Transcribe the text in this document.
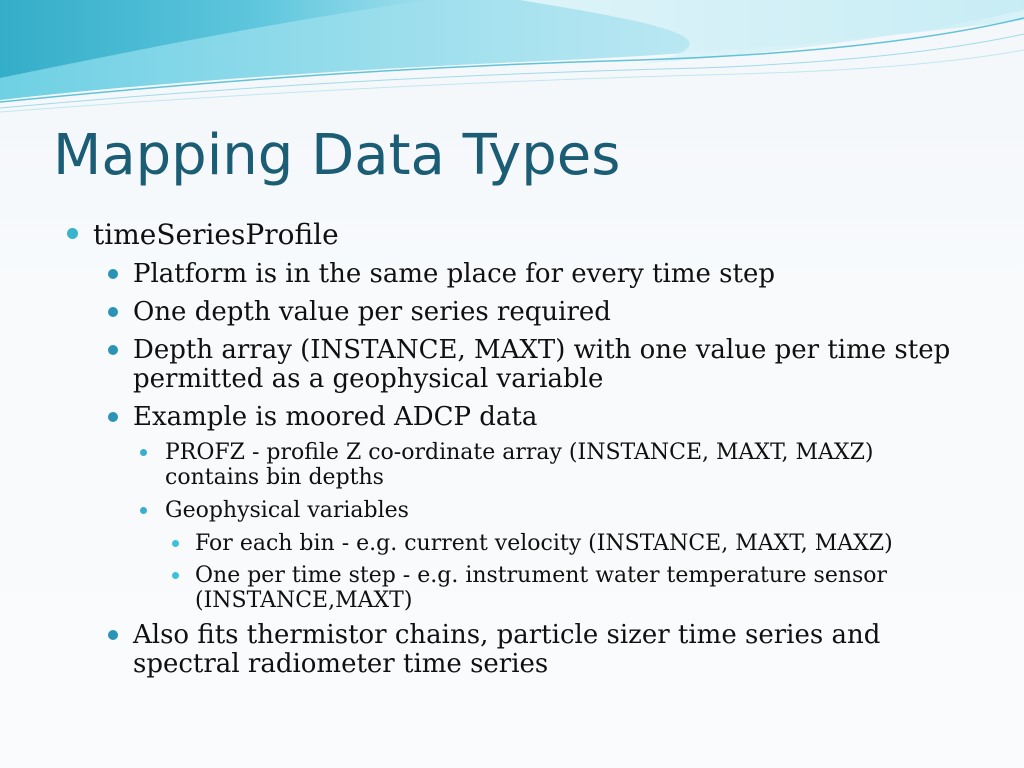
Mapping Data Types
timeSeriesProfile
Platform is in the same place for every time step
One depth value per series required
Depth array (INSTANCE, MAXT) with one value per time step
permitted as a geophysical variable
Example is moored ADCP data
PROFZ - profile Z co-ordinate array (INSTANCE, MAXT, MAXZ)
contains bin depths
Geophysical variables
For each bin - e.g. current velocity (INSTANCE, MAXT, MAXZ)
One per time step - e.g. instrument water temperature sensor
(INSTANCE,MAXT)
Also fits thermistor chains, particle sizer time series and
spectral radiometer time series
